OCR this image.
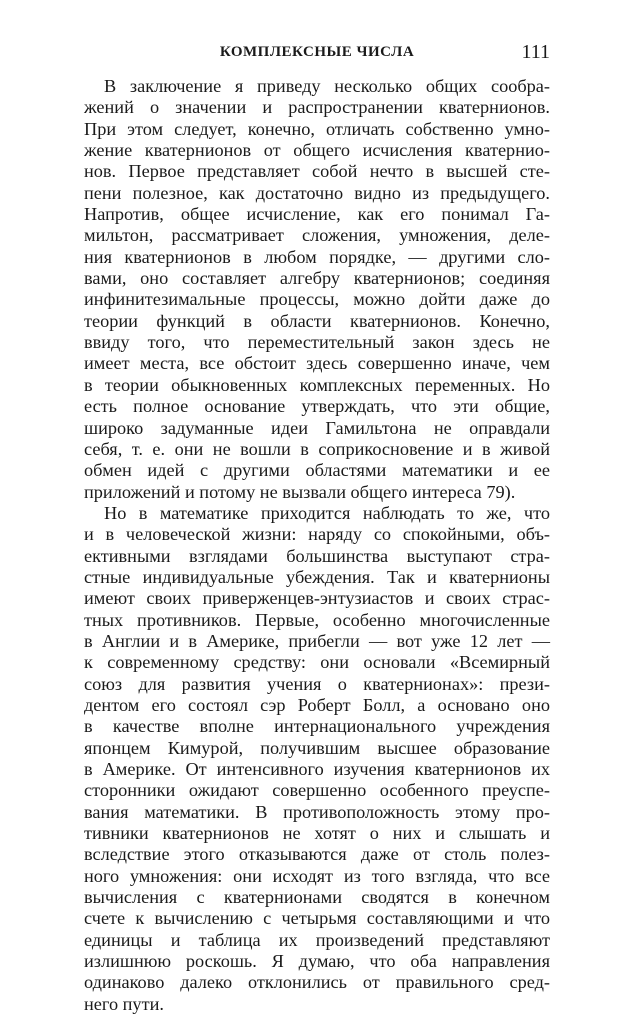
КОМПЛЕКСНЫЕ ЧИСЛА	111
В заключение я приведу несколько общих сообра-
жений о значении и распространении кватернионов.
При этом следует, конечно, отличать собственно умно-
жение кватернионов от общего исчисления кватернио-
нов. Первое представляет собой нечто в высшей сте-
пени полезное, как достаточно видно из предыдущего.
Напротив, общее исчисление, как его понимал Га-
мильтон, рассматривает сложения, умножения, деле-
ния кватернионов в любом порядке, — другими сло-
вами, оно составляет алгебру кватернионов; соединяя
инфинитезимальные процессы, можно дойти даже до
теории функций в области кватернионов. Конечно,
ввиду того, что переместительный закон здесь не
имеет места, все обстоит здесь совершенно иначе, чем
в теории обыкновенных комплексных переменных. Но
есть полное основание утверждать, что эти общие,
широко задуманные идеи Гамильтона не оправдали
себя, т. е. они не вошли в соприкосновение и в живой
обмен идей с другими областями математики и ее
приложений и потому не вызвали общего интереса 79).
Но в математике приходится наблюдать то же, что
и в человеческой жизни: наряду со спокойными, объ-
ективными взглядами большинства выступают стра-
стные индивидуальные убеждения. Так и кватернионы
имеют своих приверженцев-энтузиастов и своих страс-
тных противников. Первые, особенно многочисленные
в Англии и в Америке, прибегли — вот уже 12 лет —
к современному средству: они основали «Всемирный
союз для развития учения о кватернионах»: прези-
дентом его состоял сэр Роберт Болл, а основано оно
в качестве вполне интернационального учреждения
японцем Кимурой, получившим высшее образование
в Америке. От интенсивного изучения кватернионов их
сторонники ожидают совершенно особенного преуспе-
вания математики. В противоположность этому про-
тивники кватернионов не хотят о них и слышать и
вследствие этого отказываются даже от столь полез-
ного умножения: они исходят из того взгляда, что все
вычисления с кватернионами сводятся в конечном
счете к вычислению с четырьмя составляющими и что
единицы и таблица их произведений представляют
излишнюю роскошь. Я думаю, что оба направления
одинаково далеко отклонились от правильного сред-
него пути.
